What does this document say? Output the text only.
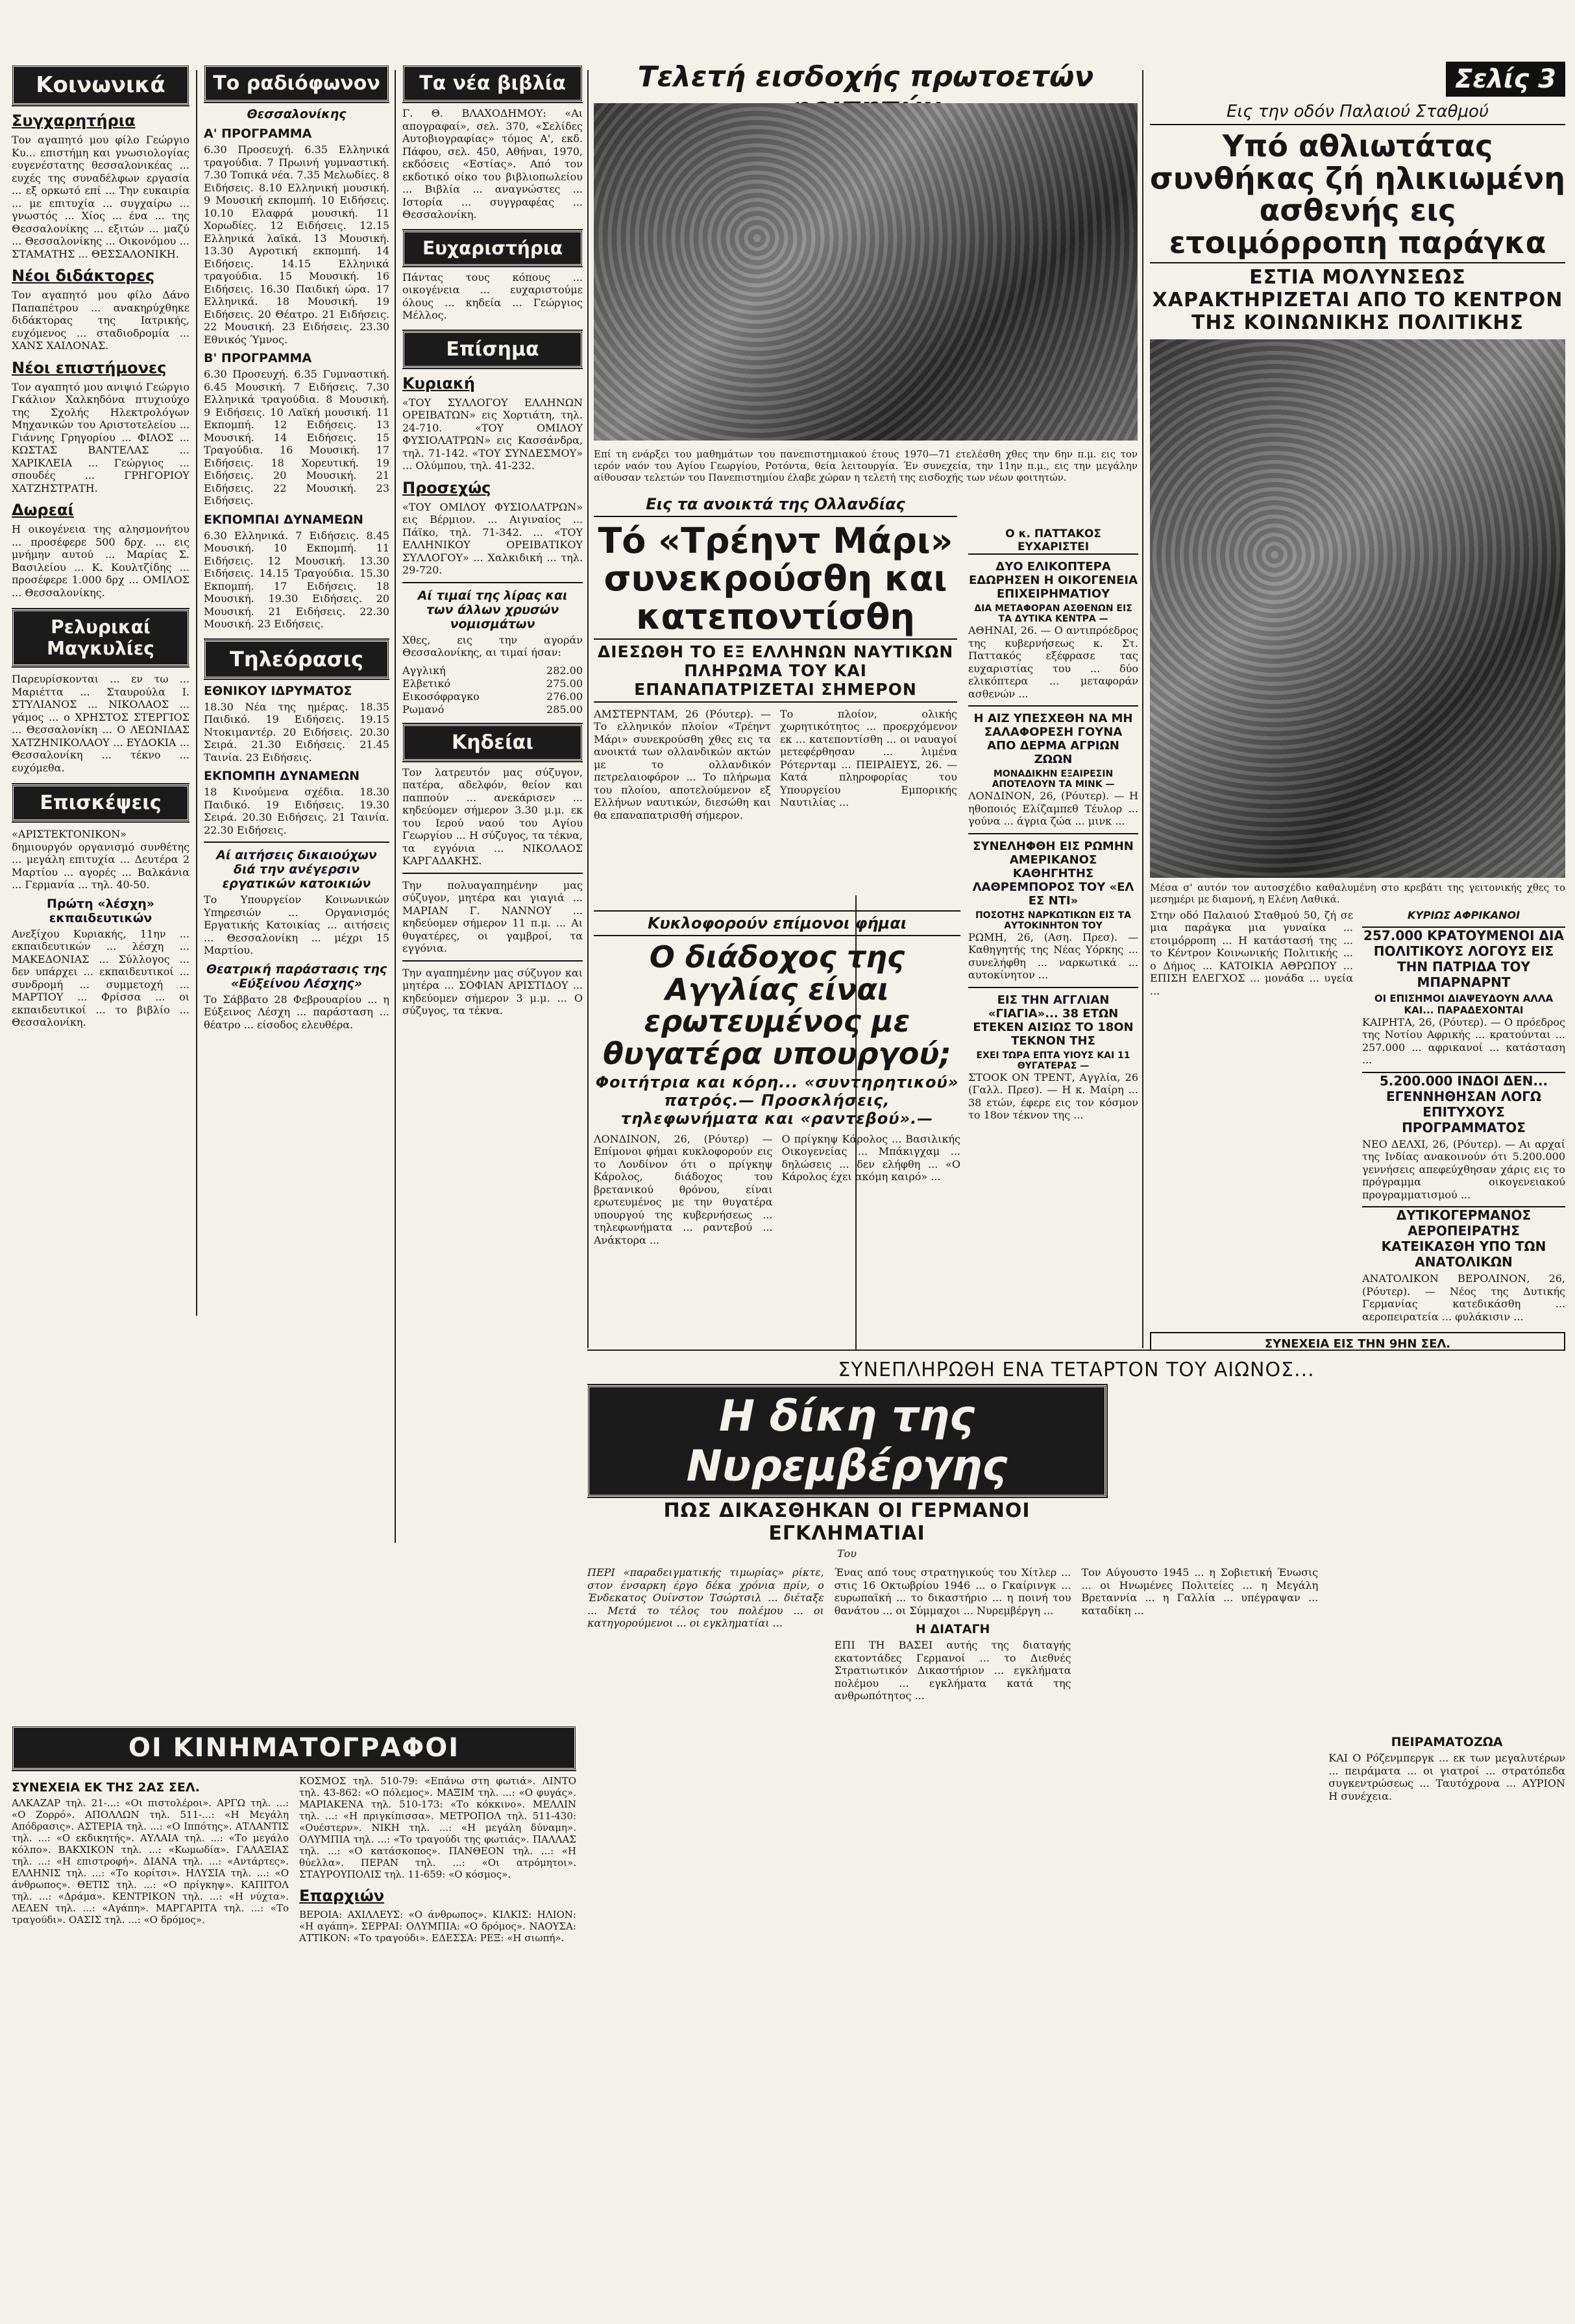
Κοινωνικά
Συγχαρητήρια

Τον αγαπητό μου φίλο Γεώργιο Κυ... επιστήμη και γνωσιολογίας ευγενέστατης θεσσαλονικέας ... ευχές της συναδέλφων εργασία ... εξ ορκωτό επί ... Την ευκαιρία ... με επιτυχία ... συγχαίρω ... γνωστός ... Χίος ... ένα ... της Θεσσαλονίκης ... εξιτών ... μαζύ ... Θεσσαλονίκης ... Οικονόμου ... ΣΤΑΜΑΤΗΣ ... ΘΕΣΣΑΛΟΝΙΚΗ.

Νέοι διδάκτορες

Τον αγαπητό μου φίλο Δάνο Παπαπέτρου ... ανακηρύχθηκε διδάκτορας της Ιατρικής, ευχόμενος ... σταδιοδρομία ... ΧΑΝΣ ΧΑΙΛΟΝΑΣ.

Νέοι επιστήμονες

Τον αγαπητό μου ανιψιό Γεώργιο Γκάλιον Χαλκηδόνα πτυχιούχο της Σχολής Ηλεκτρολόγων Μηχανικών του Αριστοτελείου ... Γιάννης Γρηγορίου ... ΦΙΛΟΣ ... ΚΩΣΤΑΣ ΒΑΝΤΕΛΑΣ ... ΧΑΡΙΚΛΕΙΑ ... Γεώργιος ... σπουδές ... ΓΡΗΓΟΡΙΟΥ ΧΑΤΖΗΣΤΡΑΤΗ.

Δωρεαί

Η οικογένεια της αλησμονήτου ... προσέφερε 500 δρχ. ... εις μνήμην αυτού ... Μαρίας Σ. Βασιλείου ... Κ. Κουλτζίδης ... προσέφερε 1.000 δρχ ... ΟΜΙΛΟΣ ... Θεσσαλονίκης.

Ρελυρικαί Μαγκυλίες

Παρευρίσκονται ... εν τω ... Μαριέττα ... Σταυρούλα Ι. ΣΤΥΛΙΑΝΟΣ ... ΝΙΚΟΛΑΟΣ ... γάμος ... ο ΧΡΗΣΤΟΣ ΣΤΕΡΓΙΟΣ ... Θεσσαλονίκη ... Ο ΛΕΩΝΙΔΑΣ ΧΑΤΖΗΝΙΚΟΛΑΟΥ ... ΕΥΔΟΚΙΑ ... Θεσσαλονίκη ... τέκνο ... ευχόμεθα.

Επισκέψεις

«ΑΡΙΣΤΕΚΤΟΝΙΚΟΝ» δημιουργόν οργανισμό συνθέτης ... μεγάλη επιτυχία ... Δευτέρα 2 Μαρτίου ... αγορές ... Βαλκάνια ... Γερμανία ... τηλ. 40-50.

Πρώτη «λέσχη» εκπαιδευτικών

Ανεξίχου Κυριακής, 11ην ... εκπαιδευτικών ... λέσχη ... ΜΑΚΕΔΟΝΙΑΣ ... Σύλλογος ... δεν υπάρχει ... εκπαιδευτικοί ... συνδρομή ... συμμετοχή ... ΜΑΡΤΙΟΥ ... Φρίσσα ... οι εκπαιδευτικοί ... το βιβλίο ... Θεσσαλονίκη.

Το ραδιόφωνον
Θεσσαλονίκης
Α' ΠΡΟΓΡΑΜΜΑ

6.30 Προσευχή. 6.35 Ελληνικά τραγούδια. 7 Πρωινή γυμναστική. 7.30 Τοπικά νέα. 7.35 Μελωδίες. 8 Ειδήσεις. 8.10 Ελληνική μουσική. 9 Μουσική εκπομπή. 10 Ειδήσεις. 10.10 Ελαφρά μουσική. 11 Χορωδίες. 12 Ειδήσεις. 12.15 Ελληνικά λαϊκά. 13 Μουσική. 13.30 Αγροτική εκπομπή. 14 Ειδήσεις. 14.15 Ελληνικά τραγούδια. 15 Μουσική. 16 Ειδήσεις. 16.30 Παιδική ώρα. 17 Ελληνικά. 18 Μουσική. 19 Ειδήσεις. 20 Θέατρο. 21 Ειδήσεις. 22 Μουσική. 23 Ειδήσεις. 23.30 Εθνικός Ύμνος.

Β' ΠΡΟΓΡΑΜΜΑ

6.30 Προσευχή. 6.35 Γυμναστική. 6.45 Μουσική. 7 Ειδήσεις. 7.30 Ελληνικά τραγούδια. 8 Μουσική. 9 Ειδήσεις. 10 Λαϊκή μουσική. 11 Εκπομπή. 12 Ειδήσεις. 13 Μουσική. 14 Ειδήσεις. 15 Τραγούδια. 16 Μουσική. 17 Ειδήσεις. 18 Χορευτική. 19 Ειδήσεις. 20 Μουσική. 21 Ειδήσεις. 22 Μουσική. 23 Ειδήσεις.

ΕΚΠΟΜΠΑΙ ΔΥΝΑΜΕΩΝ

6.30 Ελληνικά. 7 Ειδήσεις. 8.45 Μουσική. 10 Εκπομπή. 11 Ειδήσεις. 12 Μουσική. 13.30 Ειδήσεις. 14.15 Τραγούδια. 15.30 Εκπομπή. 17 Ειδήσεις. 18 Μουσική. 19.30 Ειδήσεις. 20 Μουσική. 21 Ειδήσεις. 22.30 Μουσική. 23 Ειδήσεις.

Τηλεόρασις
ΕΘΝΙΚΟΥ ΙΔΡΥΜΑΤΟΣ

18.30 Νέα της ημέρας. 18.35 Παιδικό. 19 Ειδήσεις. 19.15 Ντοκιμαντέρ. 20 Ειδήσεις. 20.30 Σειρά. 21.30 Ειδήσεις. 21.45 Ταινία. 23 Ειδήσεις.

ΕΚΠΟΜΠΗ ΔΥΝΑΜΕΩΝ

18 Κινούμενα σχέδια. 18.30 Παιδικό. 19 Ειδήσεις. 19.30 Σειρά. 20.30 Ειδήσεις. 21 Ταινία. 22.30 Ειδήσεις.

Αί αιτήσεις δικαιούχων διά την ανέγερσιν εργατικών κατοικιών

Το Υπουργείον Κοινωνικών Υπηρεσιών ... Οργανισμός Εργατικής Κατοικίας ... αιτήσεις ... Θεσσαλονίκη ... μέχρι 15 Μαρτίου.

Θεατρική παράστασις της «Εύξείνου Λέσχης»

Το Σάββατο 28 Φεβρουαρίου ... η Εύξεινος Λέσχη ... παράσταση ... θέατρο ... είσοδος ελευθέρα.

Τα νέα βιβλία

Γ. Θ. ΒΛΑΧΟΔΗΜΟΥ: «Αι απογραφαί», σελ. 370, «Σελίδες Αυτοβιογραφίας» τόμος Α', εκδ. Πάφου, σελ. 450, Αθήναι, 1970, εκδόσεις «Εστίας». Από τον εκδοτικό οίκο του βιβλιοπωλείου ... Βιβλία ... αναγνώστες ... Ιστορία ... συγγραφέας ... Θεσσαλονίκη.

Ευχαριστήρια

Πάντας τους κόπους ... οικογένεια ... ευχαριστούμε όλους ... κηδεία ... Γεώργιος Μέλλος.

Επίσημα
Κυριακή

«ΤΟΥ ΣΥΛΛΟΓΟΥ ΕΛΛΗΝΩΝ ΟΡΕΙΒΑΤΩΝ» εις Χορτιάτη, τηλ. 24-710. «ΤΟΥ ΟΜΙΛΟΥ ΦΥΣΙΟΛΑΤΡΩΝ» εις Κασσάνδρα, τηλ. 71-142. «ΤΟΥ ΣΥΝΔΕΣΜΟΥ» ... Ολύμπου, τηλ. 41-232.

Προσεχώς

«ΤΟΥ ΟΜΙΛΟΥ ΦΥΣΙΟΛΑΤΡΩΝ» εις Βέρμιον. ... Αιγιναίος ... Πάϊκο, τηλ. 71-342. ... «ΤΟΥ ΕΛΛΗΝΙΚΟΥ ΟΡΕΙΒΑΤΙΚΟΥ ΣΥΛΛΟΓΟΥ» ... Χαλκιδική ... τηλ. 29-720.

Αί τιμαί της λίρας και των άλλων χρυσών νομισμάτων

Χθες, εις την αγοράν Θεσσαλονίκης, αι τιμαί ήσαν:

Αγγλική	282.00
Ελβετικό	275.00
Εικοσόφραγκο	276.00
Ρωμανό	285.00
Κηδείαι

Τον λατρευτόν μας σύζυγον, πατέρα, αδελφόν, θείον και παππούν ... ανεκάρισεν ... κηδεύομεν σήμερον 3.30 μ.μ. εκ του Ιερού ναού του Αγίου Γεωργίου ... Η σύζυγος, τα τέκνα, τα εγγόνια ... ΝΙΚΟΛΑΟΣ ΚΑΡΓΑΔΑΚΗΣ.

Την πολυαγαπημένην μας σύζυγον, μητέρα και γιαγιά ... ΜΑΡΙΑΝ Γ. ΝΑΝΝΟΥ ... κηδεύομεν σήμερον 11 π.μ. ... Αι θυγατέρες, οι γαμβροί, τα εγγόνια.

Την αγαπημένην μας σύζυγον και μητέρα ... ΣΟΦΙΑΝ ΑΡΙΣΤΙΔΟΥ ... κηδεύομεν σήμερον 3 μ.μ. ... Ο σύζυγος, τα τέκνα.

Τελετή εισδοχής πρωτοετών

Επί τη ενάρξει του μαθημάτων του πανεπιστημιακού έτους 1970—71 ετελέσθη χθες την 6ην π.μ. εις τον ιερόν ναόν του Αγίου Γεωργίου, Ροτόντα, θεία λειτουργία. Έν συνεχεία, την 11ην π.μ., εις την μεγάλην αίθουσαν τελετών του Πανεπιστημίου έλαβε χώραν η τελετή της εισδοχής των νέων φοιτητών.

Εις τα ανοικτά της Ολλανδίας
Τό «Τρέηντ Μάρι» συνεκρούσθη και κατεποντίσθη
ΔΙΕΣΩΘΗ ΤΟ ΕΞ ΕΛΛΗΝΩΝ ΝΑΥΤΙΚΩΝ ΠΛΗΡΩΜΑ ΤΟΥ ΚΑΙ ΕΠΑΝΑΠΑΤΡΙΖΕΤΑΙ ΣΗΜΕΡΟΝ

ΑΜΣΤΕΡΝΤΑΜ, 26 (Ρόυτερ). — Το ελληνικόν πλοίον «Τρέηντ Μάρι» συνεκρούσθη χθες εις τα ανοικτά των ολλανδικών ακτών με το ολλανδικόν πετρελαιοφόρον ... Το πλήρωμα του πλοίου, αποτελούμενον εξ Ελλήνων ναυτικών, διεσώθη και θα επαναπατρισθή σήμερον.

Το πλοίον, ολικής χωρητικότητος ... προερχόμενον εκ ... κατεποντίσθη ... οι ναυαγοί μετεφέρθησαν ... λιμένα Ρότερνταμ ... ΠΕΙΡΑΙΕΥΣ, 26. — Κατά πληροφορίας του Υπουργείου Εμπορικής Ναυτιλίας ...

Ο κ. ΠΑΤΤΑΚΟΣ ΕΥΧΑΡΙΣΤΕΙ
ΔΥΟ ΕΛΙΚΟΠΤΕΡΑ ΕΔΩΡΗΣΕΝ Η ΟΙΚΟΓΕΝΕΙΑ ΕΠΙΧΕΙΡΗΜΑΤΙΟΥ
ΔΙΑ ΜΕΤΑΦΟΡΑΝ ΑΣΘΕΝΩΝ ΕΙΣ ΤΑ ΔΥΤΙΚΑ ΚΕΝΤΡΑ —

ΑΘΗΝΑΙ, 26. — Ο αντιπρόεδρος της κυβερνήσεως κ. Στ. Παττακός εξέφρασε τας ευχαριστίας του ... δύο ελικόπτερα ... μεταφοράν ασθενών ...

Η ΑΙΖ ΥΠΕΣΧΕΘΗ ΝΑ ΜΗ ΣΑΛΑΦΟΡΕΣΗ ΓΟΥΝΑ ΑΠΟ ΔΕΡΜΑ ΑΓΡΙΩΝ ΖΩΩΝ
ΜΟΝΑΔΙΚΗΝ ΕΞΑΙΡΕΣΙΝ ΑΠΟΤΕΛΟΥΝ ΤΑ ΜΙΝΚ —

ΛΟΝΔΙΝΟΝ, 26, (Ρόυτερ). — Η ηθοποιός Ελίζαμπεθ Τέυλορ ... γούνα ... άγρια ζώα ... μινκ ...

ΣΥΝΕΛΗΦΘΗ ΕΙΣ ΡΩΜΗΝ ΑΜΕΡΙΚΑΝΟΣ ΚΑΘΗΓΗΤΗΣ ΛΑΘΡΕΜΠΟΡΟΣ ΤΟΥ «ΕΛ ΕΣ ΝΤΙ»
ΠΟΣΟΤΗΣ ΝΑΡΚΩΤΙΚΩΝ ΕΙΣ ΤΑ ΑΥΤΟΚΙΝΗΤΟΝ ΤΟΥ

ΡΩΜΗ, 26, (Αση. Πρεσ). — Καθηγητής της Νέας Υόρκης ... συνελήφθη ... ναρκωτικά ... αυτοκίνητον ...

ΕΙΣ ΤΗΝ ΑΓΓΛΙΑΝ «ΓΙΑΓΙΑ»... 38 ΕΤΩΝ ΕΤΕΚΕΝ ΑΙΣΙΩΣ ΤΟ 18ΟΝ ΤΕΚΝΟΝ ΤΗΣ
ΕΧΕΙ ΤΩΡΑ ΕΠΤΑ ΥΙΟΥΣ ΚΑΙ 11 ΘΥΓΑΤΕΡΑΣ —

ΣΤΟΟΚ ΟΝ ΤΡΕΝΤ, Αγγλία, 26 (Γαλλ. Πρεσ). — Η κ. Μαίρη ... 38 ετών, έφερε εις τον κόσμον το 18ον τέκνον της ...

Κυκλοφορούν επίμονοι φήμαι
Ο διάδοχος της Αγγλίας είναι ερωτευμένος με θυγατέρα υπουργού;
Φοιτήτρια και κόρη... «συντηρητικού» πατρός.— Προσκλήσεις, τηλεφωνήματα και «ραντεβού».—

ΛΟΝΔΙΝΟΝ, 26, (Ρόυτερ) — Επίμονοι φήμαι κυκλοφορούν εις το Λονδίνον ότι ο πρίγκηψ Κάρολος, διάδοχος του βρετανικού θρόνου, είναι ερωτευμένος με την θυγατέρα υπουργού της κυβερνήσεως ... τηλεφωνήματα ... ραντεβού ... Ανάκτορα ...

Ο πρίγκηψ Κάρολος ... Βασιλικής Οικογενείας ... Μπάκιγχαμ ... δηλώσεις ... δεν ελήφθη ... «Ο Κάρολος έχει ακόμη καιρό» ...

Σελίς 3
Εις την οδόν Παλαιού Σταθμού
Υπό αθλιωτάτας συνθήκας ζή ηλικιωμένη ασθενής εις ετοιμόρροπη παράγκα
ΕΣΤΙΑ ΜΟΛΥΝΣΕΩΣ ΧΑΡΑΚΤΗΡΙΖΕΤΑΙ ΑΠΟ ΤΟ ΚΕΝΤΡΟΝ ΤΗΣ ΚΟΙΝΩΝΙΚΗΣ ΠΟΛΙΤΙΚΗΣ

Μέσα σ' αυτόν τον αυτοσχέδιο καθαλυμένη στο κρεβάτι της γειτονικής χθες το μεσημέρι με διαμονή, η Ελένη Λαθικά.

Στην οδό Παλαιού Σταθμού 50, ζή σε μια παράγκα μια γυναίκα ... ετοιμόρροπη ... Η κατάστασή της ... το Κέντρον Κοινωνικής Πολιτικής ... ο Δήμος ... ΚΑΤΟΙΚΙΑ ΑΘΡΩΠΟΥ ... ΕΠΙΣΗ ΕΛΕΓΧΟΣ ... μονάδα ... υγεία ...

ΚΥΡΙΩΣ ΑΦΡΙΚΑΝΟΙ
257.000 ΚΡΑΤΟΥΜΕΝΟΙ ΔΙΑ ΠΟΛΙΤΙΚΟΥΣ ΛΟΓΟΥΣ ΕΙΣ ΤΗΝ ΠΑΤΡΙΔΑ ΤΟΥ ΜΠΑΡΝΑΡΝΤ
ΟΙ ΕΠΙΣΗΜΟΙ ΔΙΑΨΕΥΔΟΥΝ ΑΛΛΑ ΚΑΙ... ΠΑΡΑΔΕΧΟΝΤΑΙ

ΚΑΙΡΗΤΑ, 26, (Ρόυτερ). — Ο πρόεδρος της Νοτίου Αφρικής ... κρατούνται ... 257.000 ... αφρικανοί ... κατάσταση ...

5.200.000 ΙΝΔΟΙ ΔΕΝ... ΕΓΕΝΝΗΘΗΣΑΝ ΛΟΓΩ ΕΠΙΤΥΧΟΥΣ ΠΡΟΓΡΑΜΜΑΤΟΣ

ΝΕΟ ΔΕΛΧΙ, 26, (Ρόυτερ). — Αι αρχαί της Ινδίας ανακοινούν ότι 5.200.000 γεννήσεις απεφεύχθησαν χάρις εις το πρόγραμμα οικογενειακού προγραμματισμού ...

ΔΥΤΙΚΟΓΕΡΜΑΝΟΣ ΑΕΡΟΠΕΙΡΑΤΗΣ ΚΑΤΕΙΚΑΣΘΗ ΥΠΟ ΤΩΝ ΑΝΑΤΟΛΙΚΩΝ

ΑΝΑΤΟΛΙΚΟΝ ΒΕΡΟΛΙΝΟΝ, 26, (Ρόυτερ). — Νέος της Δυτικής Γερμανίας κατεδικάσθη ... αεροπειρατεία ... φυλάκισιν ...

ΣΥΝΕΧΕΙΑ ΕΙΣ ΤΗΝ 9ΗΝ ΣΕΛ.
ΟΙ ΚΙΝΗΜΑΤΟΓΡΑΦΟΙ
ΣΥΝΕΧΕΙΑ ΕΚ ΤΗΣ 2ΑΣ ΣΕΛ.

ΑΛΚΑΖΑΡ τηλ. 21-...: «Οι πιστολέροι». ΑΡΓΩ τηλ. ...: «Ο Ζορρό». ΑΠΟΛΛΩΝ τηλ. 511-...: «Η Μεγάλη Απόδρασις». ΑΣΤΕΡΙΑ τηλ. ...: «Ο Ιππότης». ΑΤΛΑΝΤΙΣ τηλ. ...: «Ο εκδικητής». ΑΥΛΑΙΑ τηλ. ...: «Το μεγάλο κόλπο». ΒΑΚΧΙΚΟΝ τηλ. ...: «Κωμωδία». ΓΑΛΑΞΙΑΣ τηλ. ...: «Η επιστροφή». ΔΙΑΝΑ τηλ. ...: «Αντάρτες». ΕΛΛΗΝΙΣ τηλ. ...: «Το κορίτσι». ΗΛΥΣΙΑ τηλ. ...: «Ο άνθρωπος». ΘΕΤΙΣ τηλ. ...: «Ο πρίγκηψ». ΚΑΠΙΤΟΛ τηλ. ...: «Δράμα». ΚΕΝΤΡΙΚΟΝ τηλ. ...: «Η νύχτα». ΛΕΛΕΝ τηλ. ...: «Αγάπη». ΜΑΡΓΑΡΙΤΑ τηλ. ...: «Το τραγούδι». ΟΑΣΙΣ τηλ. ...: «Ο δρόμος».

ΚΟΣΜΟΣ τηλ. 510-79: «Επάνω στη φωτιά». ΛΙΝΤΟ τηλ. 43-862: «Ο πόλεμος». ΜΑΞΙΜ τηλ. ...: «Ο φυγάς». ΜΑΡΙΑΚΕΝΑ τηλ. 510-173: «Το κόκκινο». ΜΕΛΛΙΝ τηλ. ...: «Η πριγκίπισσα». ΜΕΤΡΟΠΟΛ τηλ. 511-430: «Ουέστερν». ΝΙΚΗ τηλ. ...: «Η μεγάλη δύναμη». ΟΛΥΜΠΙΑ τηλ. ...: «Το τραγούδι της φωτιάς». ΠΑΛΛΑΣ τηλ. ...: «Ο κατάσκοπος». ΠΑΝΘΕΟΝ τηλ. ...: «Η θύελλα». ΠΕΡΑΝ τηλ. ...: «Οι ατρόμητοι». ΣΤΑΥΡΟΥΠΟΛΙΣ τηλ. 11-659: «Ο κόσμος».

Επαρχιών

ΒΕΡΟΙΑ: ΑΧΙΛΛΕΥΣ: «Ο άνθρωπος». ΚΙΛΚΙΣ: ΗΛΙΟΝ: «Η αγάπη». ΣΕΡΡΑΙ: ΟΛΥΜΠΙΑ: «Ο δρόμος». ΝΑΟΥΣΑ: ΑΤΤΙΚΟΝ: «Το τραγούδι». ΕΔΕΣΣΑ: ΡΕΞ: «Η σιωπή».

ΣΥΝΕΠΛΗΡΩΘΗ ΕΝΑ ΤΕΤΑΡΤΟΝ ΤΟΥ ΑΙΩΝΟΣ...
Η δίκη της Νυρεμβέργης
ΠΩΣ ΔΙΚΑΣΘΗΚΑΝ ΟΙ ΓΕΡΜΑΝΟΙ ΕΓΚΛΗΜΑΤΙΑΙ
Του

ΠΕΡΙ «παραδειγματικής τιμωρίας» ρίκτε, στον ένσαρκη έργο δέκα χρόνια πρίν, ο Ένδεκατος Ουίνστον Τσώρτσιλ ... διέταξε ... Μετά το τέλος του πολέμου ... οι κατηγορούμενοι ... οι εγκληματίαι ...

Ένας από τους στρατηγικούς του Χίτλερ ... στις 16 Οκτωβρίου 1946 ... ο Γκαίρινγκ ... ευρωπαϊκή ... το δικαστήριο ... η ποινή του θανάτου ... οι Σύμμαχοι ... Νυρεμβέργη ...

Η ΔΙΑΤΑΓΗ

ΕΠΙ ΤΗ ΒΑΣΕΙ αυτής της διαταγής εκατοντάδες Γερμανοί ... το Διεθνές Στρατιωτικόν Δικαστήριον ... εγκλήματα πολέμου ... εγκλήματα κατά της ανθρωπότητος ...

Τον Αύγουστο 1945 ... η Σοβιετική Ένωσις ... οι Ηνωμένες Πολιτείες ... η Μεγάλη Βρεταννία ... η Γαλλία ... υπέγραψαν ... καταδίκη ...

ΠΕΙΡΑΜΑΤΟΖΩΑ

ΚΑΙ Ο Ρόζενμπεργκ ... εκ των μεγαλυτέρων ... πειράματα ... οι γιατροί ... στρατόπεδα συγκεντρώσεως ... Ταυτόχρονα ... ΑΥΡΙΟΝ Η συνέχεια.
